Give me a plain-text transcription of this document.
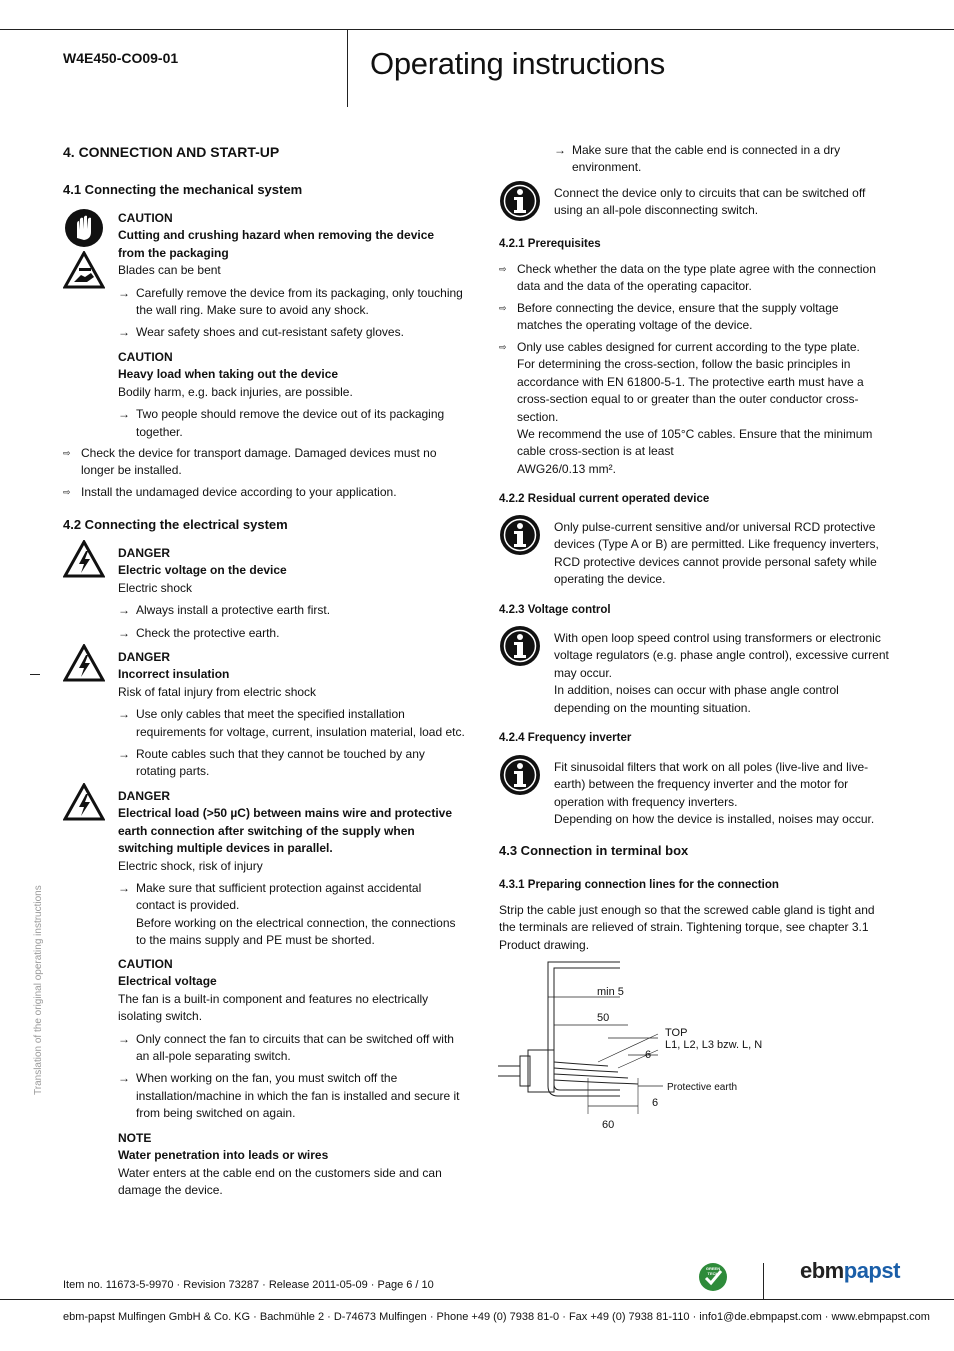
W4E450-CO09-01	Operating instructions
4. CONNECTION AND START-UP
4.1 Connecting the mechanical system

CAUTION

Cutting and crushing hazard when removing the device from the packaging

Blades can be bent

→ Carefully remove the device from its packaging, only touching the wall ring. Make sure to avoid any shock.
→ Wear safety shoes and cut-resistant safety gloves.

CAUTION

Heavy load when taking out the device

Bodily harm, e.g. back injuries, are possible.

→ Two people should remove the device out of its packaging together.
⇨ Check the device for transport damage. Damaged devices must no longer be installed.
⇨ Install the undamaged device according to your application.
4.2 Connecting the electrical system

DANGER

Electric voltage on the device

Electric shock

→ Always install a protective earth first.
→ Check the protective earth.

DANGER

Incorrect insulation

Risk of fatal injury from electric shock

→ Use only cables that meet the specified installation requirements for voltage, current, insulation material, load etc.
→ Route cables such that they cannot be touched by any rotating parts.

DANGER

Electrical load (>50 µC) between mains wire and protective earth connection after switching of the supply when switching multiple devices in parallel.

Electric shock, risk of injury

→ Make sure that sufficient protection against accidental contact is provided.
Before working on the electrical connection, the connections to the mains supply and PE must be shorted.

CAUTION

Electrical voltage

The fan is a built-in component and features no electrically isolating switch.

→ Only connect the fan to circuits that can be switched off with an all-pole separating switch.
→ When working on the fan, you must switch off the installation/machine in which the fan is installed and secure it from being switched on again.

NOTE

Water penetration into leads or wires

Water enters at the cable end on the customers side and can damage the device.

→ Make sure that the cable end is connected in a dry environment.
Connect the device only to circuits that can be switched off using an all-pole disconnecting switch.
4.2.1 Prerequisites
⇨ Check whether the data on the type plate agree with the connection data and the data of the operating capacitor.
⇨ Before connecting the device, ensure that the supply voltage matches the operating voltage of the device.
⇨ Only use cables designed for current according to the type plate.
For determining the cross-section, follow the basic principles in accordance with EN 61800-5-1. The protective earth must have a cross-section equal to or greater than the outer conductor cross-section.
We recommend the use of 105°C cables. Ensure that the minimum cable cross-section is at least
AWG26/0.13 mm².
4.2.2 Residual current operated device
Only pulse-current sensitive and/or universal RCD protective devices (Type A or B) are permitted. Like frequency inverters, RCD protective devices cannot provide personal safety while operating the device.
4.2.3 Voltage control

With open loop speed control using transformers or electronic voltage regulators (e.g. phase angle control), excessive current may occur.

In addition, noises can occur with phase angle control depending on the mounting situation.

4.2.4 Frequency inverter

Fit sinusoidal filters that work on all poles (live-live and live-earth) between the frequency inverter and the motor for operation with frequency inverters.

Depending on how the device is installed, noises may occur.

4.3 Connection in terminal box
4.3.1 Preparing connection lines for the connection
Strip the cable just enough so that the screwed cable gland is tight and the terminals are relieved of strain. Tightening torque, see chapter 3.1 Product drawing.
min 5
50
TOP
L1, L2, L3 bzw. L, N
6
Protective earth
6
60
Translation of the original operating instructions
Item no. 11673-5-9970 · Revision 73287 · Release 2011-05-09 · Page 6 / 10
GREEN TECH	ebmpapst
ebm-papst Mulfingen GmbH & Co. KG · Bachmühle 2 · D-74673 Mulfingen · Phone +49 (0) 7938 81-0 · Fax +49 (0) 7938 81-110 · info1@de.ebmpapst.com · www.ebmpapst.com
